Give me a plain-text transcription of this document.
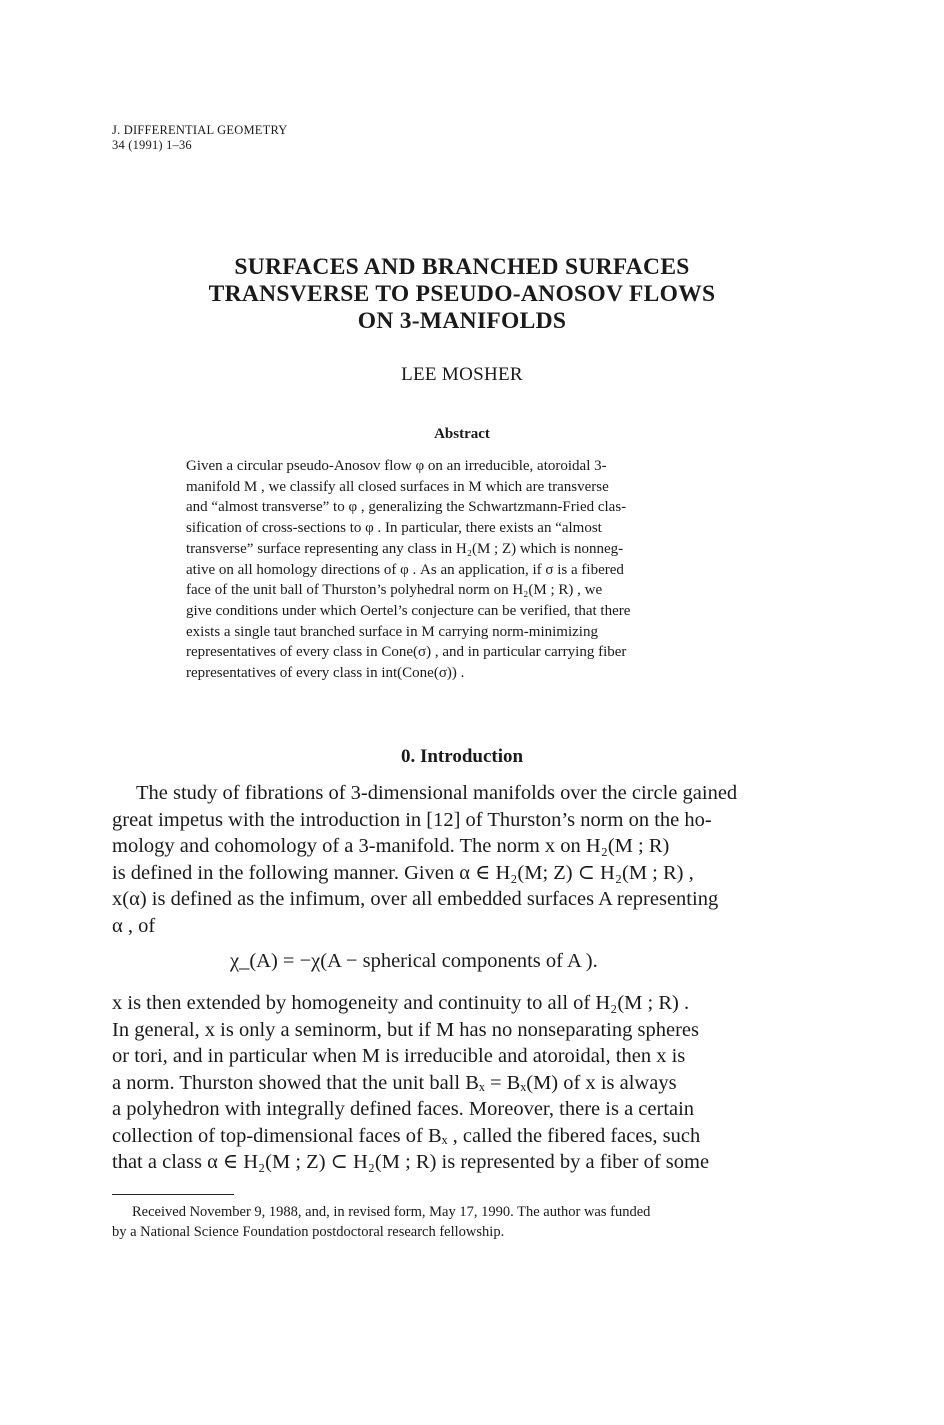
J. DIFFERENTIAL GEOMETRY
34 (1991) 1–36
SURFACES AND BRANCHED SURFACES
TRANSVERSE TO PSEUDO-ANOSOV FLOWS
ON 3-MANIFOLDS
LEE MOSHER
Abstract
Given a circular pseudo-Anosov flow φ on an irreducible, atoroidal 3-
manifold M , we classify all closed surfaces in M which are transverse
and “almost transverse” to φ , generalizing the Schwartzmann-Fried clas-
sification of cross-sections to φ . In particular, there exists an “almost
transverse” surface representing any class in H₂(M ; Z) which is nonneg-
ative on all homology directions of φ . As an application, if σ is a fibered
face of the unit ball of Thurston’s polyhedral norm on H₂(M ; R) , we
give conditions under which Oertel’s conjecture can be verified, that there
exists a single taut branched surface in M carrying norm-minimizing
representatives of every class in Cone(σ) , and in particular carrying fiber
representatives of every class in int(Cone(σ)) .
0. Introduction
The study of fibrations of 3-dimensional manifolds over the circle gained
great impetus with the introduction in [12] of Thurston’s norm on the ho-
mology and cohomology of a 3-manifold. The norm x on H₂(M ; R)
is defined in the following manner. Given α ∈ H₂(M; Z) ⊂ H₂(M ; R) ,
x(α) is defined as the infimum, over all embedded surfaces A representing
α , of
χ_(A) = −χ(A − spherical components of A ).
x is then extended by homogeneity and continuity to all of H₂(M ; R) .
In general, x is only a seminorm, but if M has no nonseparating spheres
or tori, and in particular when M is irreducible and atoroidal, then x is
a norm. Thurston showed that the unit ball Bₓ = Bₓ(M) of x is always
a polyhedron with integrally defined faces. Moreover, there is a certain
collection of top-dimensional faces of Bₓ , called the fibered faces, such
that a class α ∈ H₂(M ; Z) ⊂ H₂(M ; R) is represented by a fiber of some
Received November 9, 1988, and, in revised form, May 17, 1990. The author was funded
by a National Science Foundation postdoctoral research fellowship.
